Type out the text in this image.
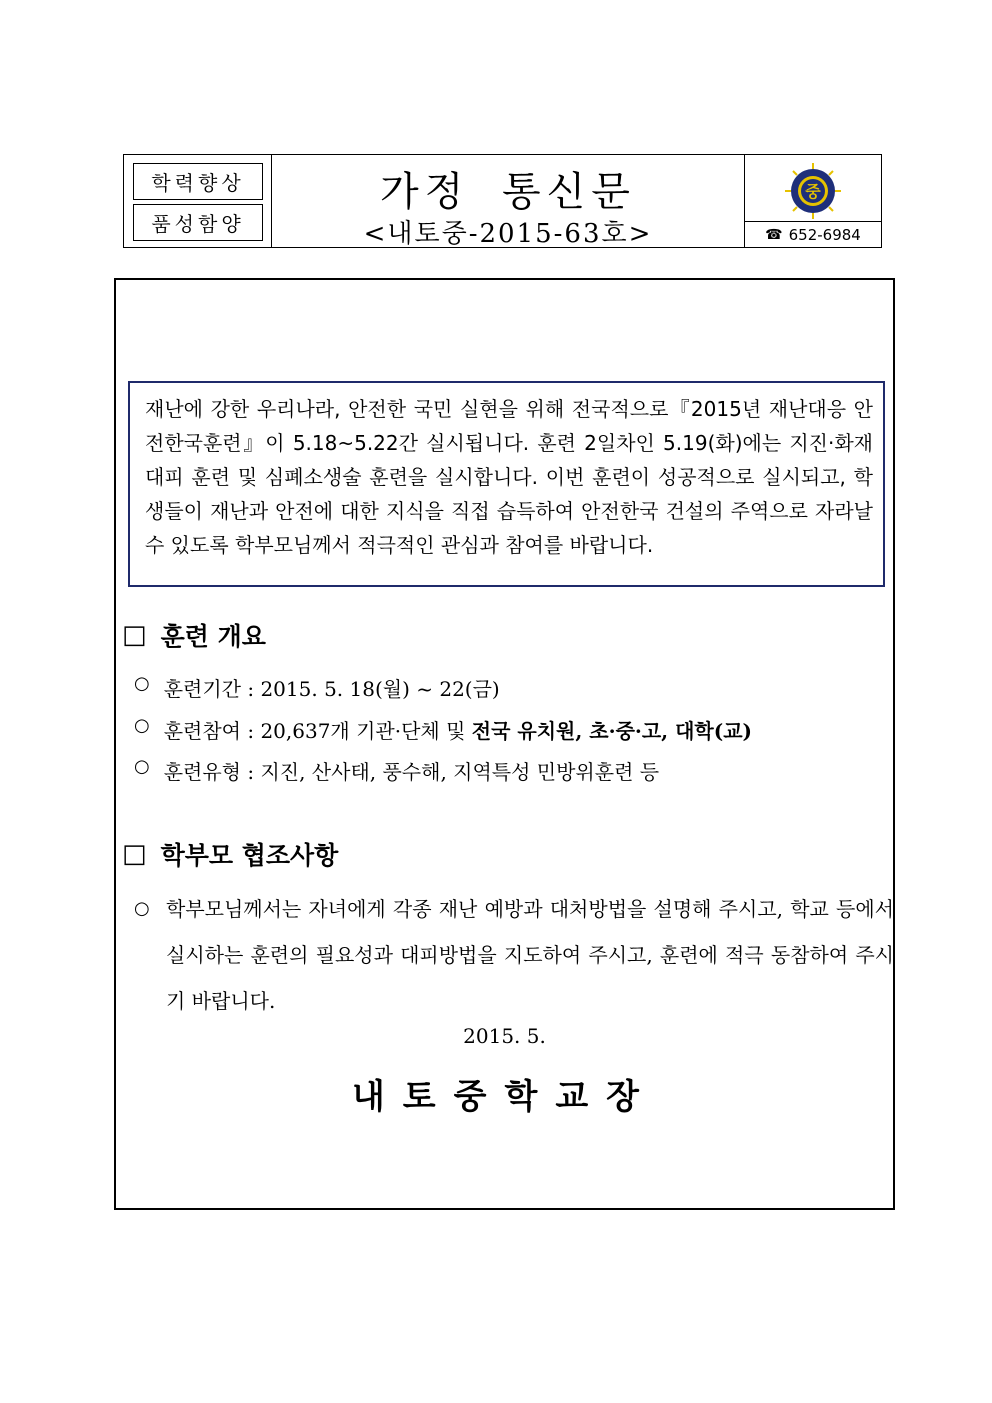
학력향상
품성함양
가정 통신문
<내토중-2015-63호>
중
☎ 652-6984
재난에 강한 우리나라, 안전한 국민 실현을 위해 전국적으로『2015년 재난대응 안전한국훈련』이 5.18~5.22간 실시됩니다. 훈련 2일차인 5.19(화)에는 지진·화재대피 훈련 및 심폐소생술 훈련을 실시합니다. 이번 훈련이 성공적으로 실시되고, 학생들이 재난과 안전에 대한 지식을 직접 습득하여 안전한국 건설의 주역으로 자라날 수 있도록 학부모님께서 적극적인 관심과 참여를 바랍니다.
□ 훈련 개요
○ 훈련기간 : 2015. 5. 18(월) ~ 22(금)
○ 훈련참여 : 20,637개 기관·단체 및 전국 유치원, 초·중·고, 대학(교)
○ 훈련유형 : 지진, 산사태, 풍수해, 지역특성 민방위훈련 등
□ 학부모 협조사항
○ 학부모님께서는 자녀에게 각종 재난 예방과 대처방법을 설명해 주시고, 학교 등에서 실시하는 훈련의 필요성과 대피방법을 지도하여 주시고, 훈련에 적극 동참하여 주시기 바랍니다.
2015. 5.
내토중학교장
